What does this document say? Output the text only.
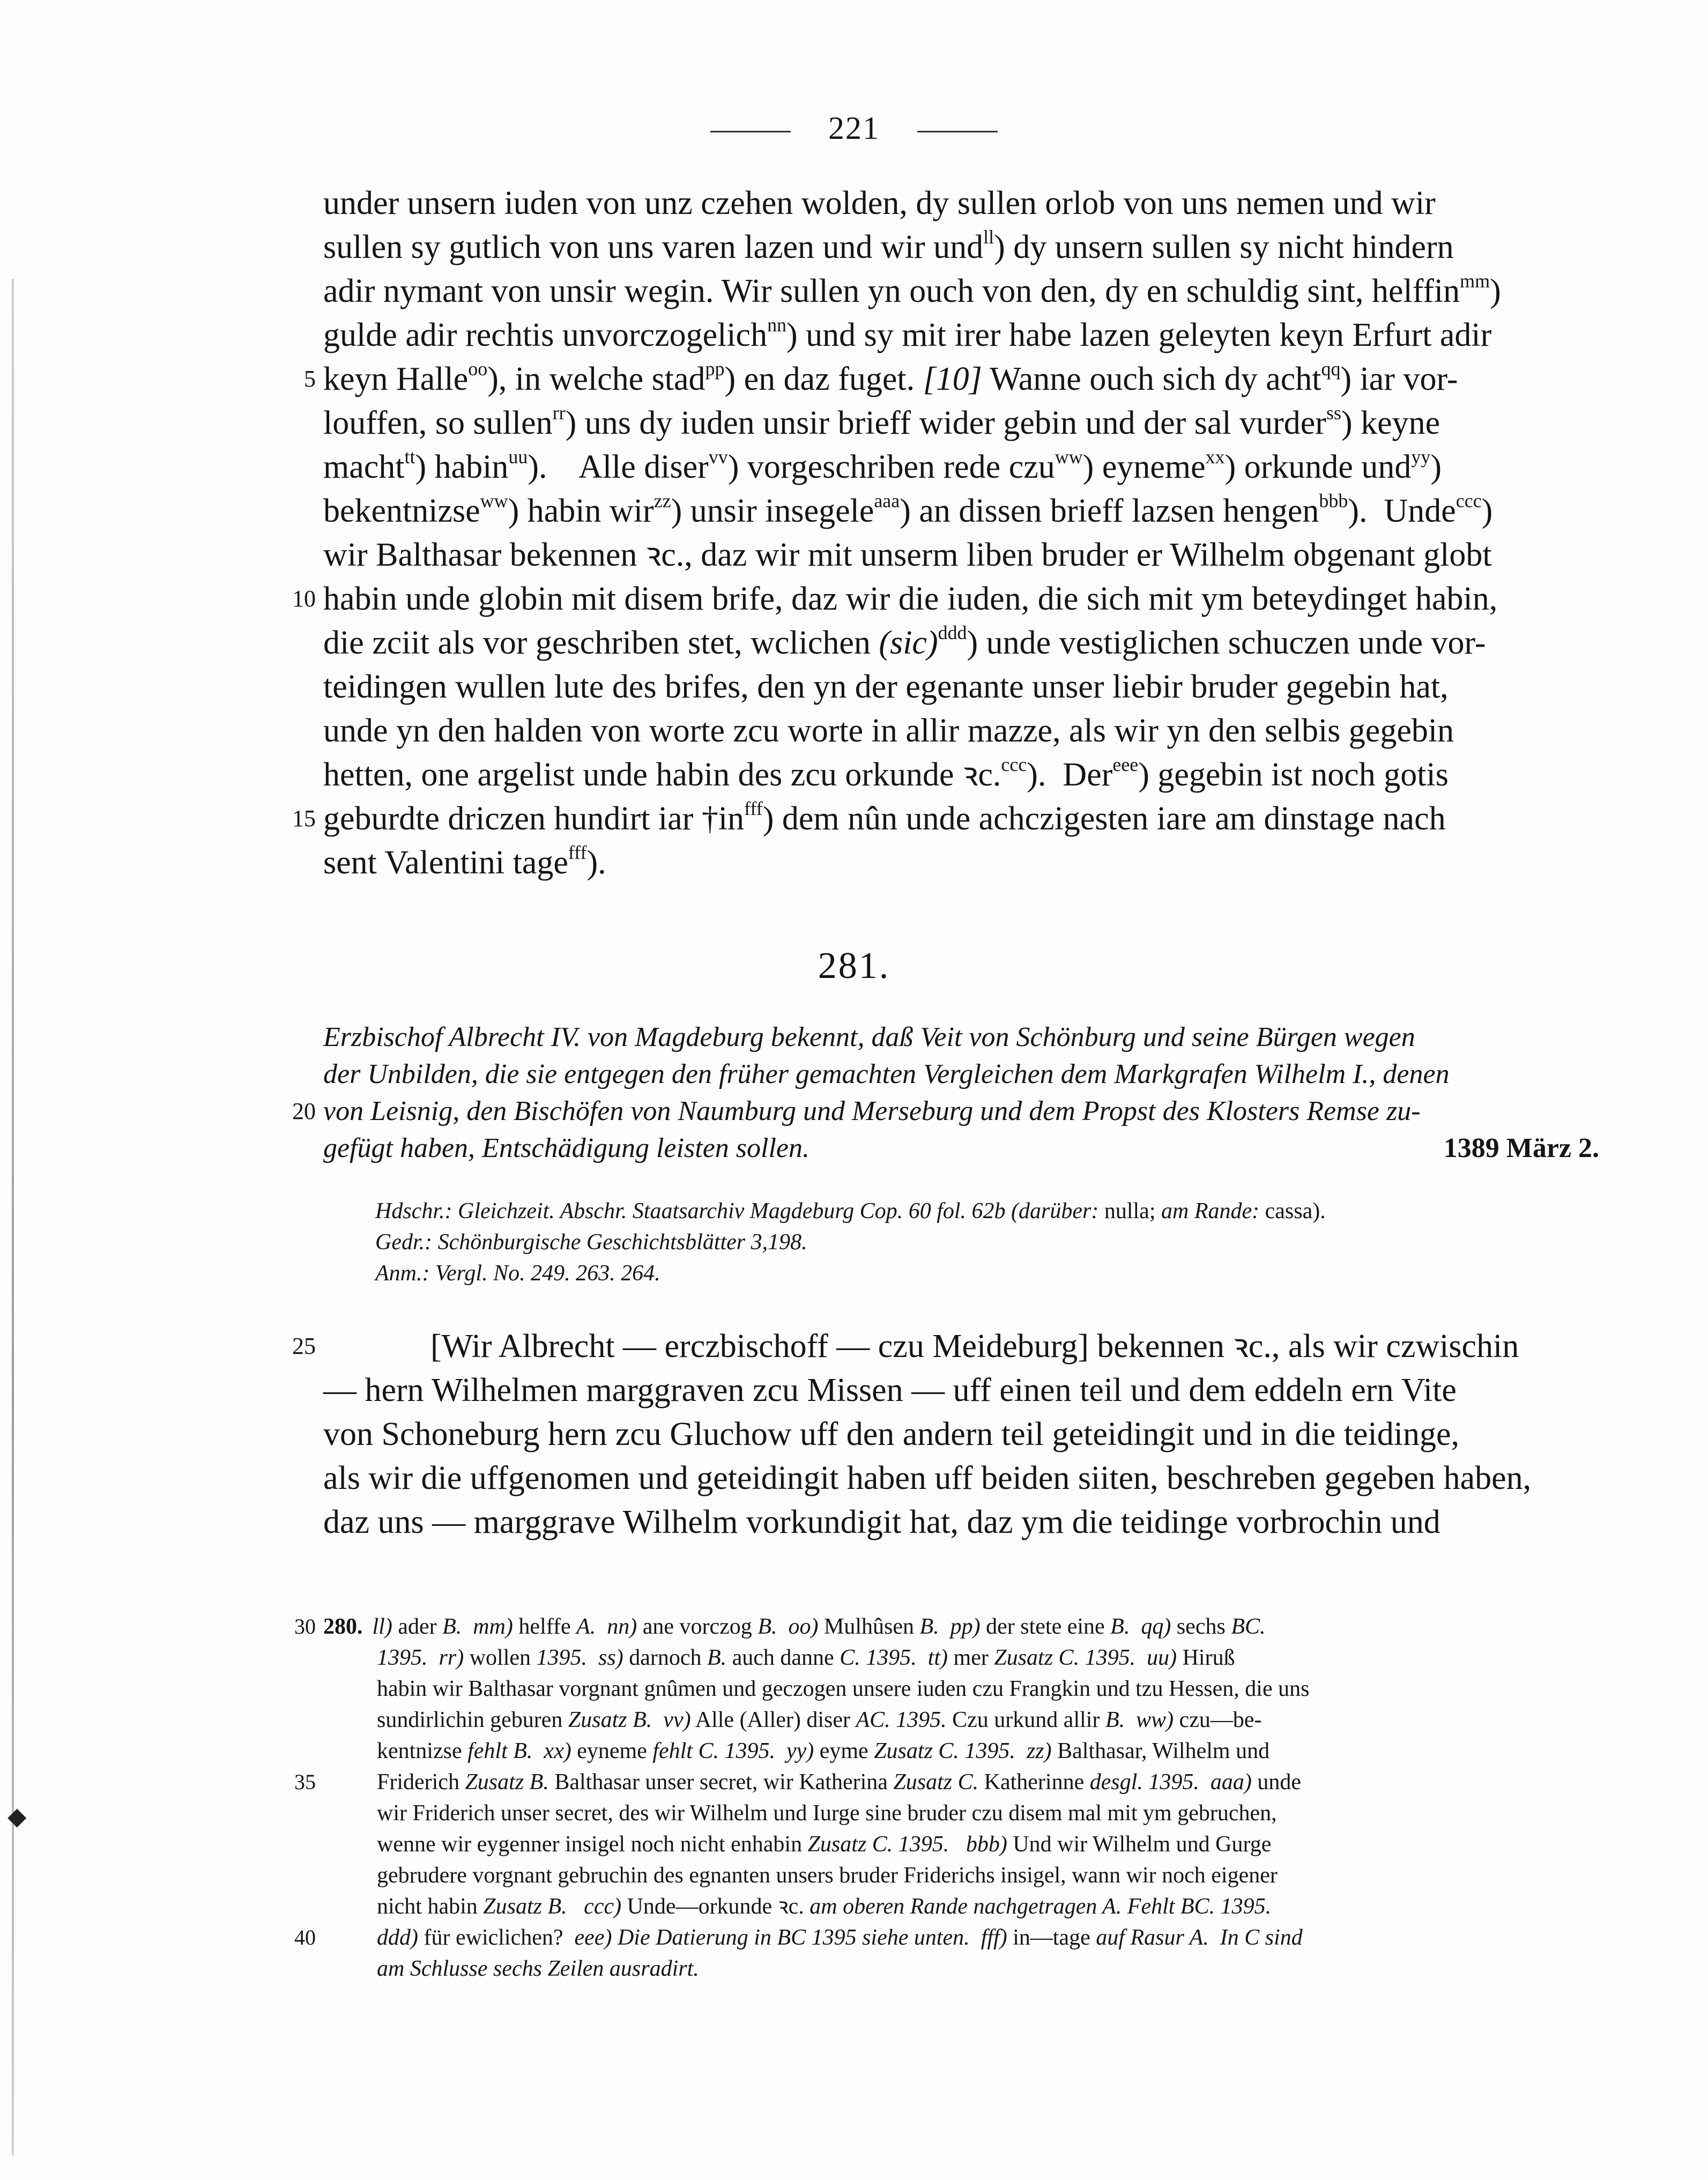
◆
221
under unsern iuden von unz czehen wolden, dy sullen orlob von uns nemen und wir
sullen sy gutlich von uns varen lazen und wir und$^{ll}$) dy unsern sullen sy nicht hindern
adir nymant von unsir wegin. Wir sullen yn ouch von den, dy en schuldig sint, helffin$^{mm}$)
gulde adir rechtis unvorczogelich$^{nn}$) und sy mit irer habe lazen geleyten keyn Erfurt adir
5 keyn Halle$^{oo}$), in welche stad$^{pp}$) en daz fuget. [10] Wanne ouch sich dy acht$^{qq}$) iar vor-
louffen, so sullen$^{rr}$) uns dy iuden unsir brieff wider gebin und der sal vurder$^{ss}$) keyne
macht$^{tt}$) habin$^{uu}$).    Alle diser$^{vv}$) vorgeschriben rede czu$^{ww}$) eyneme$^{xx}$) orkunde und$^{yy}$)
bekentnizse$^{ww}$) habin wir$^{zz}$) unsir insegele$^{aaa}$) an dissen brieff lazsen hengen$^{bbb}$).  Unde$^{ccc}$)
wir Balthasar bekennen ꝛc., daz wir mit unserm liben bruder er Wilhelm obgenant globt
10 habin unde globin mit disem brife, daz wir die iuden, die sich mit ym beteydinget habin,
die zciit als vor geschriben stet, wclichen (sic)$^{ddd}$) unde vestiglichen schuczen unde vor-
teidingen wullen lute des brifes, den yn der egenante unser liebir bruder gegebin hat,
unde yn den halden von worte zcu worte in allir mazze, als wir yn den selbis gegebin
hetten, one argelist unde habin des zcu orkunde ꝛc.$^{ccc}$).  Der$^{eee}$) gegebin ist noch gotis
15 geburdte driczen hundirt iar $\dagger in^{fff}$) dem nûn unde achczigesten iare am dinstage nach
sent Valentini tage$^{fff}$).
281.
Erzbischof Albrecht IV. von Magdeburg bekennt, daß Veit von Schönburg und seine Bürgen wegen
der Unbilden, die sie entgegen den früher gemachten Vergleichen dem Markgrafen Wilhelm I., denen
20 von Leisnig, den Bischöfen von Naumburg und Merseburg und dem Propst des Klosters Remse zu-
gefügt haben, Entschädigung leisten sollen.	1389 März 2.
Hdschr.: Gleichzeit. Abschr. Staatsarchiv Magdeburg Cop. 60 fol. 62b (darüber: nulla; am Rande: cassa).
Gedr.: Schönburgische Geschichtsblätter 3,198.
Anm.: Vergl. No. 249. 263. 264.
25	[Wir Albrecht — erczbischoff — czu Meideburg] bekennen ꝛc., als wir czwischin
— hern Wilhelmen marggraven zcu Missen — uff einen teil und dem eddeln ern Vite
von Schoneburg hern zcu Gluchow uff den andern teil geteidingit und in die teidinge,
als wir die uffgenomen und geteidingit haben uff beiden siiten, beschreben gegeben haben,
daz uns — marggrave Wilhelm vorkundigit hat, daz ym die teidinge vorbrochin und
30 280. ll) ader B. mm) helffe A. nn) ane vorczog B. oo) Mulhûsen B. pp) der stete eine B. qq) sechs BC.
1395. rr) wollen 1395. ss) darnoch B. auch danne C. 1395. tt) mer Zusatz C. 1395. uu) Hiruß
habin wir Balthasar vorgnant gnûmen und geczogen unsere iuden czu Frangkin und tzu Hessen, die uns
sundirlichin geburen Zusatz B. vv) Alle (Aller) diser AC. 1395. Czu urkund allir B. ww) czu—be-
kentnizse fehlt B. xx) eyneme fehlt C. 1395. yy) eyme Zusatz C. 1395. zz) Balthasar, Wilhelm und
35	Friderich Zusatz B. Balthasar unser secret, wir Katherina Zusatz C. Katherinne desgl. 1395. aaa) unde
wir Friderich unser secret, des wir Wilhelm und Iurge sine bruder czu disem mal mit ym gebruchen,
wenne wir eygenner insigel noch nicht enhabin Zusatz C. 1395. bbb) Und wir Wilhelm und Gurge
gebrudere vorgnant gebruchin des egnanten unsers bruder Friderichs insigel, wann wir noch eigener
nicht habin Zusatz B. ccc) Unde—orkunde ꝛc. am oberen Rande nachgetragen A. Fehlt BC. 1395.
40	ddd) für ewiclichen?  eee) Die Datierung in BC 1395 siehe unten. fff) in—tage auf Rasur A. In C sind
am Schlusse sechs Zeilen ausradirt.
